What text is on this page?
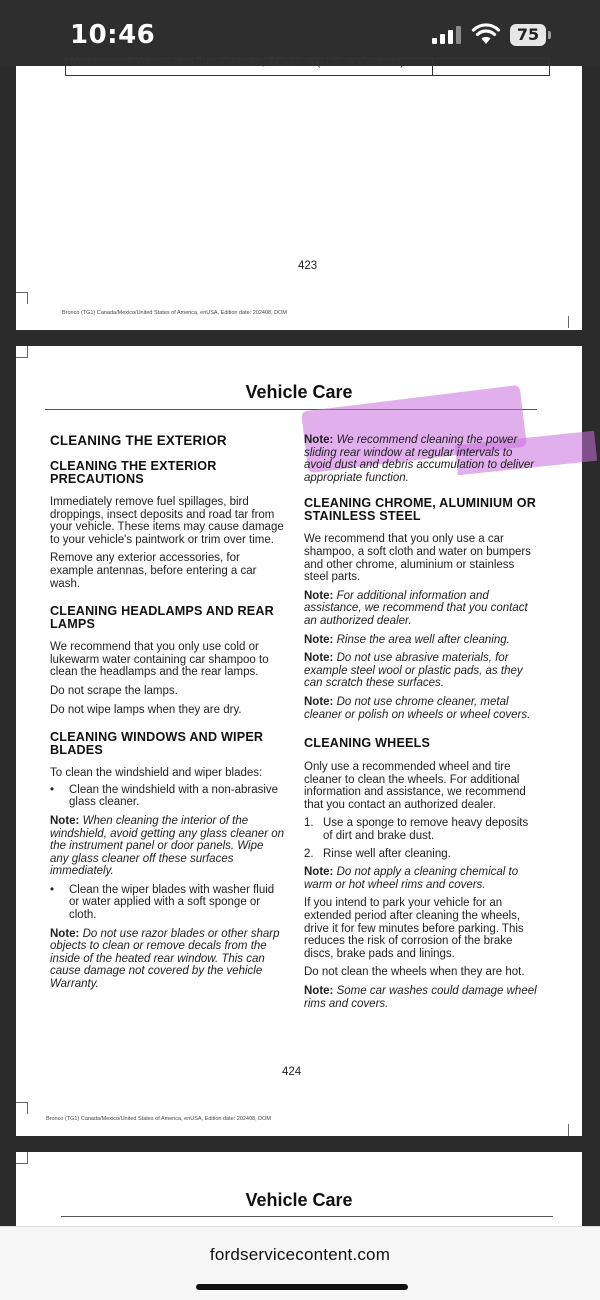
10:46	75
Motorcraft® Wheel and Tire Cleaner, ZC-37-A (U.S. & Canada)
423
Bronco (TG1) Canada/Mexico/United States of America, enUSA, Edition date: 202408, DOM
Vehicle Care
CLEANING THE EXTERIOR
CLEANING THE EXTERIOR PRECAUTIONS
Immediately remove fuel spillages, bird droppings, insect deposits and road tar from your vehicle. These items may cause damage to your vehicle's paintwork or trim over time.
Remove any exterior accessories, for example antennas, before entering a car wash.
CLEANING HEADLAMPS AND REAR LAMPS
We recommend that you only use cold or lukewarm water containing car shampoo to clean the headlamps and the rear lamps.
Do not scrape the lamps.
Do not wipe lamps when they are dry.
CLEANING WINDOWS AND WIPER BLADES
To clean the windshield and wiper blades:
• Clean the windshield with a non-abrasive glass cleaner.
Note: When cleaning the interior of the windshield, avoid getting any glass cleaner on the instrument panel or door panels. Wipe any glass cleaner off these surfaces immediately.
• Clean the wiper blades with washer fluid or water applied with a soft sponge or cloth.
Note: Do not use razor blades or other sharp objects to clean or remove decals from the inside of the heated rear window. This can cause damage not covered by the vehicle Warranty.
Note: We recommend cleaning the power sliding rear window at regular intervals to avoid dust and debris accumulation to deliver appropriate function.
CLEANING CHROME, ALUMINIUM OR STAINLESS STEEL
We recommend that you only use a car shampoo, a soft cloth and water on bumpers and other chrome, aluminium or stainless steel parts.
Note: For additional information and assistance, we recommend that you contact an authorized dealer.
Note: Rinse the area well after cleaning.
Note: Do not use abrasive materials, for example steel wool or plastic pads, as they can scratch these surfaces.
Note: Do not use chrome cleaner, metal cleaner or polish on wheels or wheel covers.
CLEANING WHEELS
Only use a recommended wheel and tire cleaner to clean the wheels. For additional information and assistance, we recommend that you contact an authorized dealer.
1. Use a sponge to remove heavy deposits of dirt and brake dust.
2. Rinse well after cleaning.
Note: Do not apply a cleaning chemical to warm or hot wheel rims and covers.
If you intend to park your vehicle for an extended period after cleaning the wheels, drive it for few minutes before parking. This reduces the risk of corrosion of the brake discs, brake pads and linings.
Do not clean the wheels when they are hot.
Note: Some car washes could damage wheel rims and covers.
424
Bronco (TG1) Canada/Mexico/United States of America, enUSA, Edition date: 202408, DOM
Vehicle Care
fordservicecontent.com
